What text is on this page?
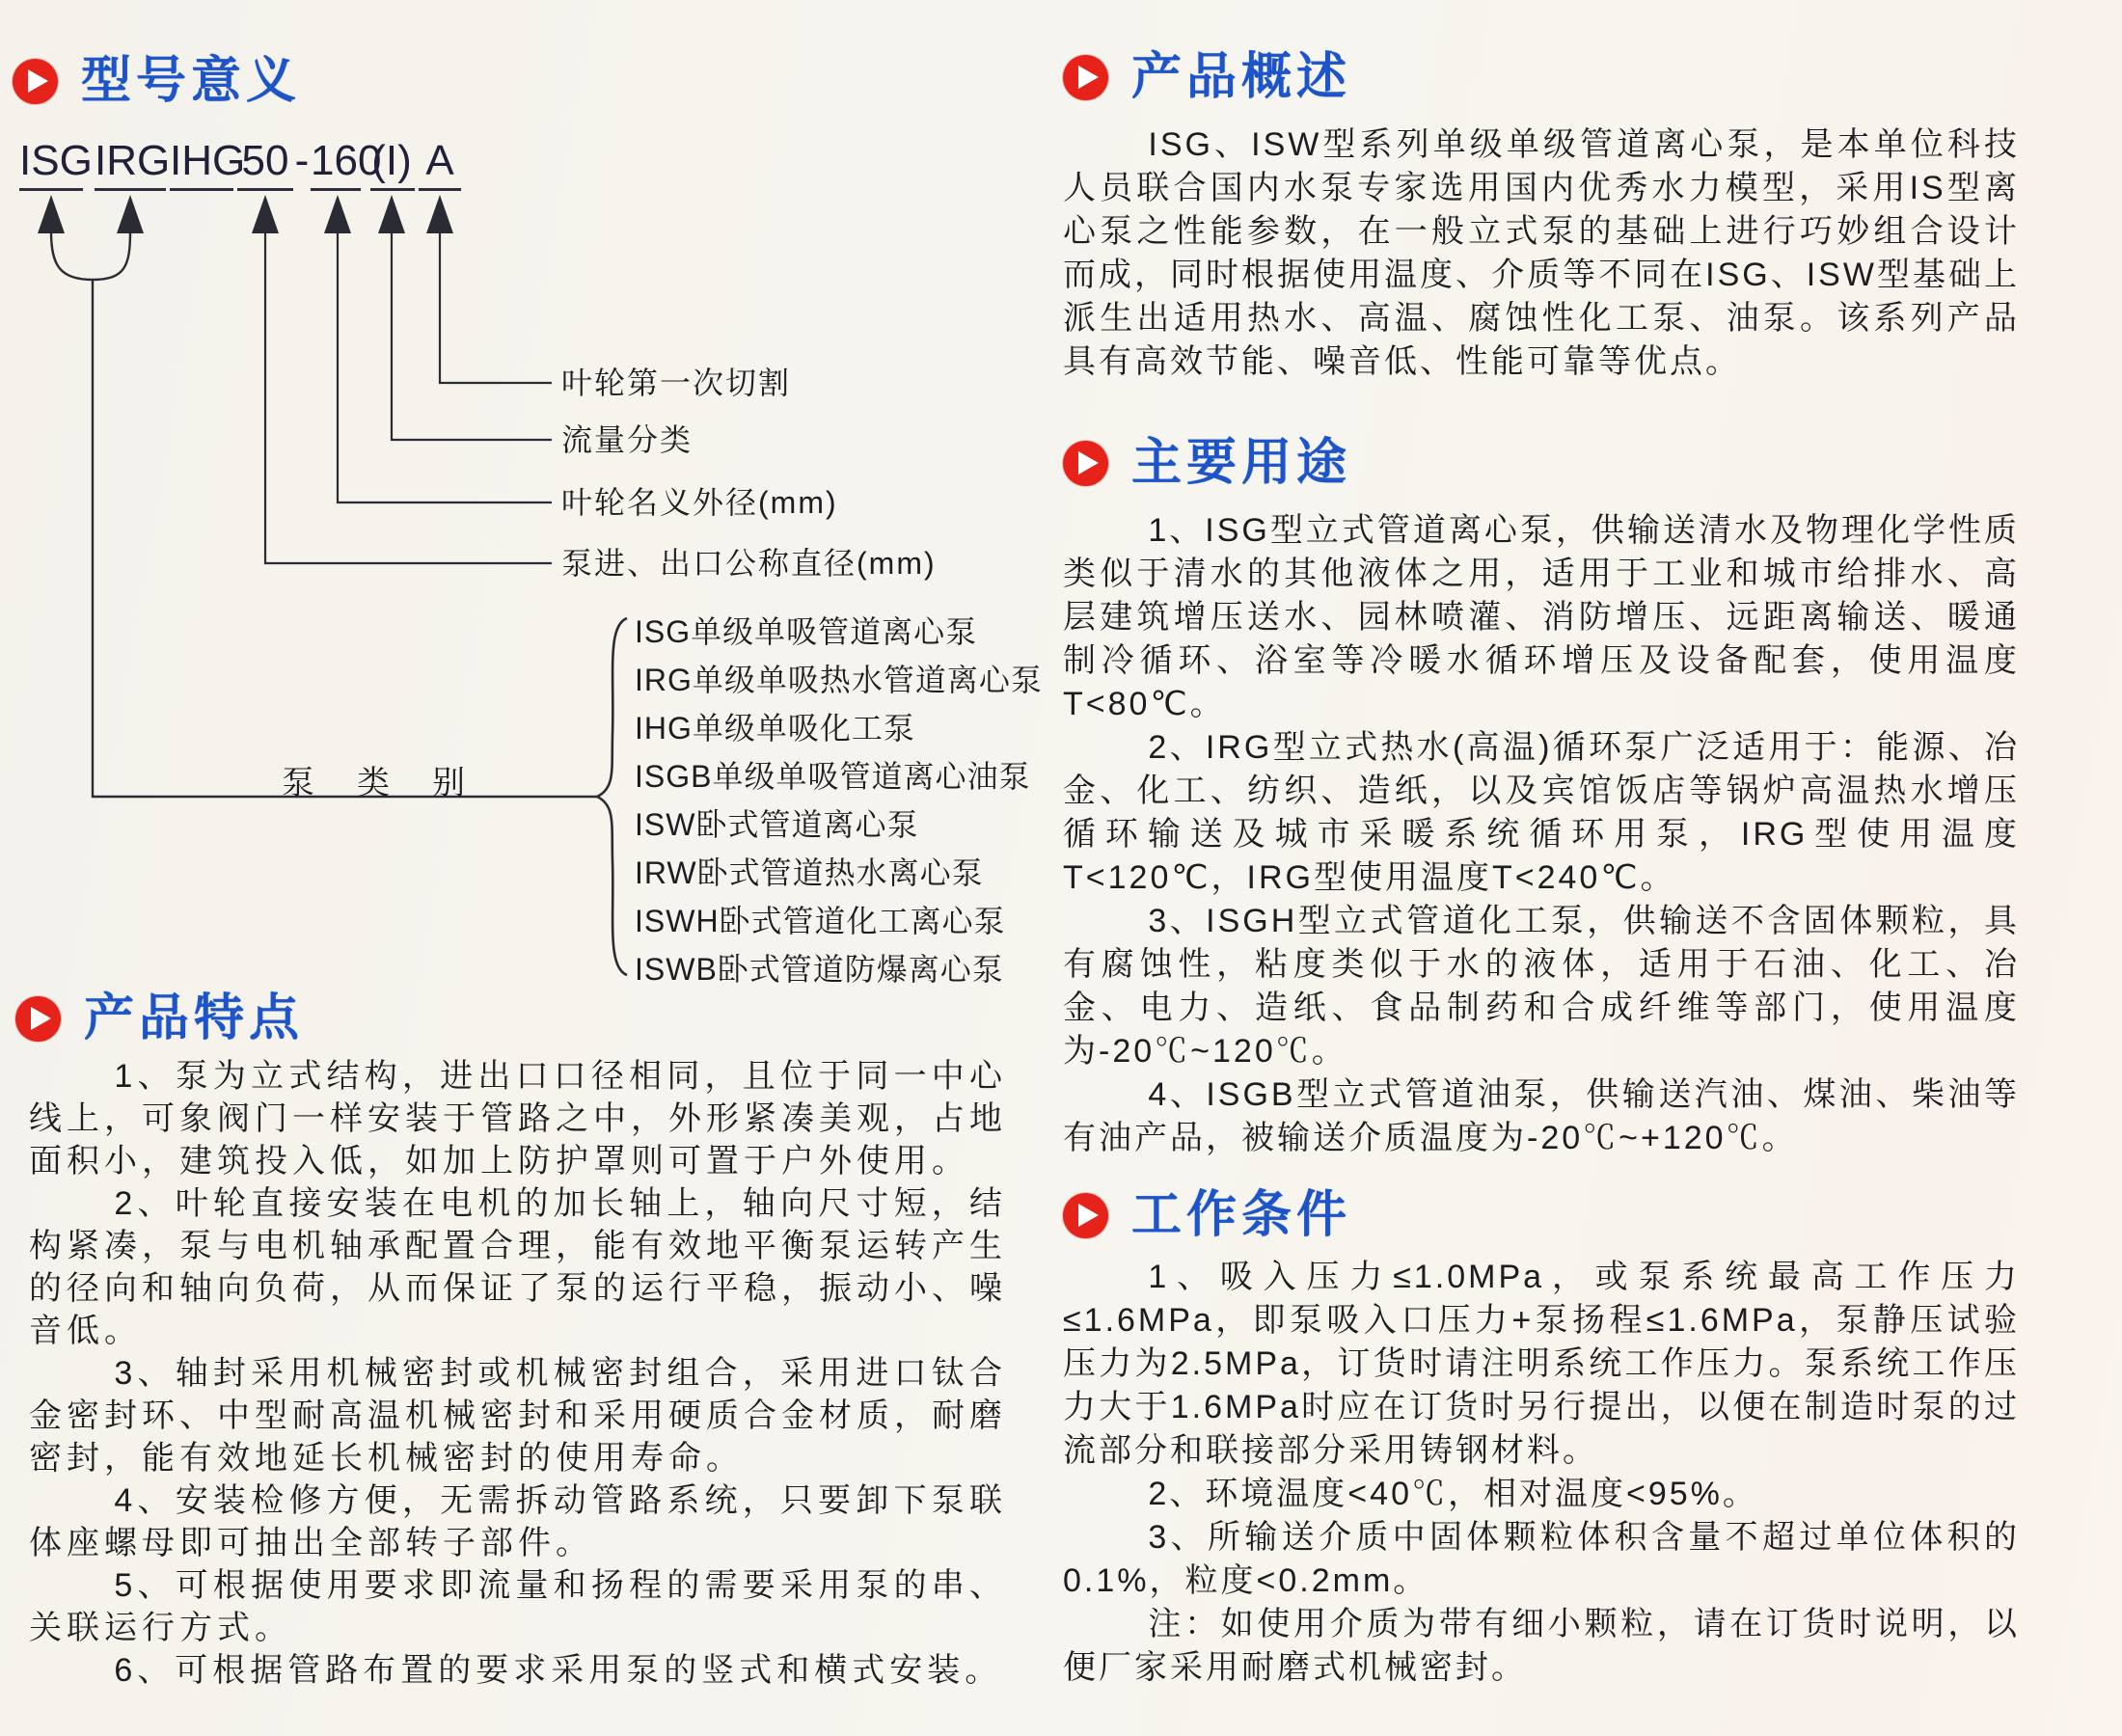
型号意义
ISG IRG IHG
50 - 160
(I) A
叶轮第一次切割
流量分类
叶轮名义外径(mm)
泵进、出口公称直径(mm)
泵类别
ISG单级单吸管道离心泵
IRG单级单吸热水管道离心泵
IHG单级单吸化工泵
ISGB单级单吸管道离心油泵
ISW卧式管道离心泵
IRW卧式管道热水离心泵
ISWH卧式管道化工离心泵
ISWB卧式管道防爆离心泵
产品特点

1、泵为立式结构，进出口口径相同，且位于同一中心线上，可象阀门一样安装于管路之中，外形紧凑美观，占地面积小，建筑投入低，如加上防护罩则可置于户外使用。

2、叶轮直接安装在电机的加长轴上，轴向尺寸短，结构紧凑，泵与电机轴承配置合理，能有效地平衡泵运转产生的径向和轴向负荷，从而保证了泵的运行平稳，振动小、噪音低。

3、轴封采用机械密封或机械密封组合，采用进口钛合金密封环、中型耐高温机械密封和采用硬质合金材质，耐磨密封，能有效地延长机械密封的使用寿命。

4、安装检修方便，无需拆动管路系统，只要卸下泵联体座螺母即可抽出全部转子部件。

5、可根据使用要求即流量和扬程的需要采用泵的串、关联运行方式。

6、可根据管路布置的要求采用泵的竖式和横式安装。

产品概述

ISG、ISW型系列单级单级管道离心泵，是本单位科技人员联合国内水泵专家选用国内优秀水力模型，采用IS型离心泵之性能参数，在一般立式泵的基础上进行巧妙组合设计而成，同时根据使用温度、介质等不同在ISG、ISW型基础上派生出适用热水、高温、腐蚀性化工泵、油泵。该系列产品具有高效节能、噪音低、性能可靠等优点。

主要用途

1、ISG型立式管道离心泵，供输送清水及物理化学性质类似于清水的其他液体之用，适用于工业和城市给排水、高层建筑增压送水、园林喷灌、消防增压、远距离输送、暖通制冷循环、浴室等冷暖水循环增压及设备配套，使用温度T<80℃。

2、IRG型立式热水(高温)循环泵广泛适用于：能源、冶金、化工、纺织、造纸，以及宾馆饭店等锅炉高温热水增压循环输送及城市采暖系统循环用泵，IRG型使用温度T<120℃，IRG型使用温度T<240℃。

3、ISGH型立式管道化工泵，供输送不含固体颗粒，具有腐蚀性，粘度类似于水的液体，适用于石油、化工、冶金、电力、造纸、食品制药和合成纤维等部门，使用温度为-20℃~120℃。

4、ISGB型立式管道油泵，供输送汽油、煤油、柴油等有油产品，被输送介质温度为-20℃~+120℃。

工作条件

1、吸入压力≤1.0MPa，或泵系统最高工作压力≤1.6MPa，即泵吸入口压力+泵扬程≤1.6MPa，泵静压试验压力为2.5MPa，订货时请注明系统工作压力。泵系统工作压力大于1.6MPa时应在订货时另行提出，以便在制造时泵的过流部分和联接部分采用铸钢材料。

2、环境温度<40℃，相对温度<95%。

3、所输送介质中固体颗粒体积含量不超过单位体积的0.1%，粒度<0.2mm。

注：如使用介质为带有细小颗粒，请在订货时说明，以便厂家采用耐磨式机械密封。
